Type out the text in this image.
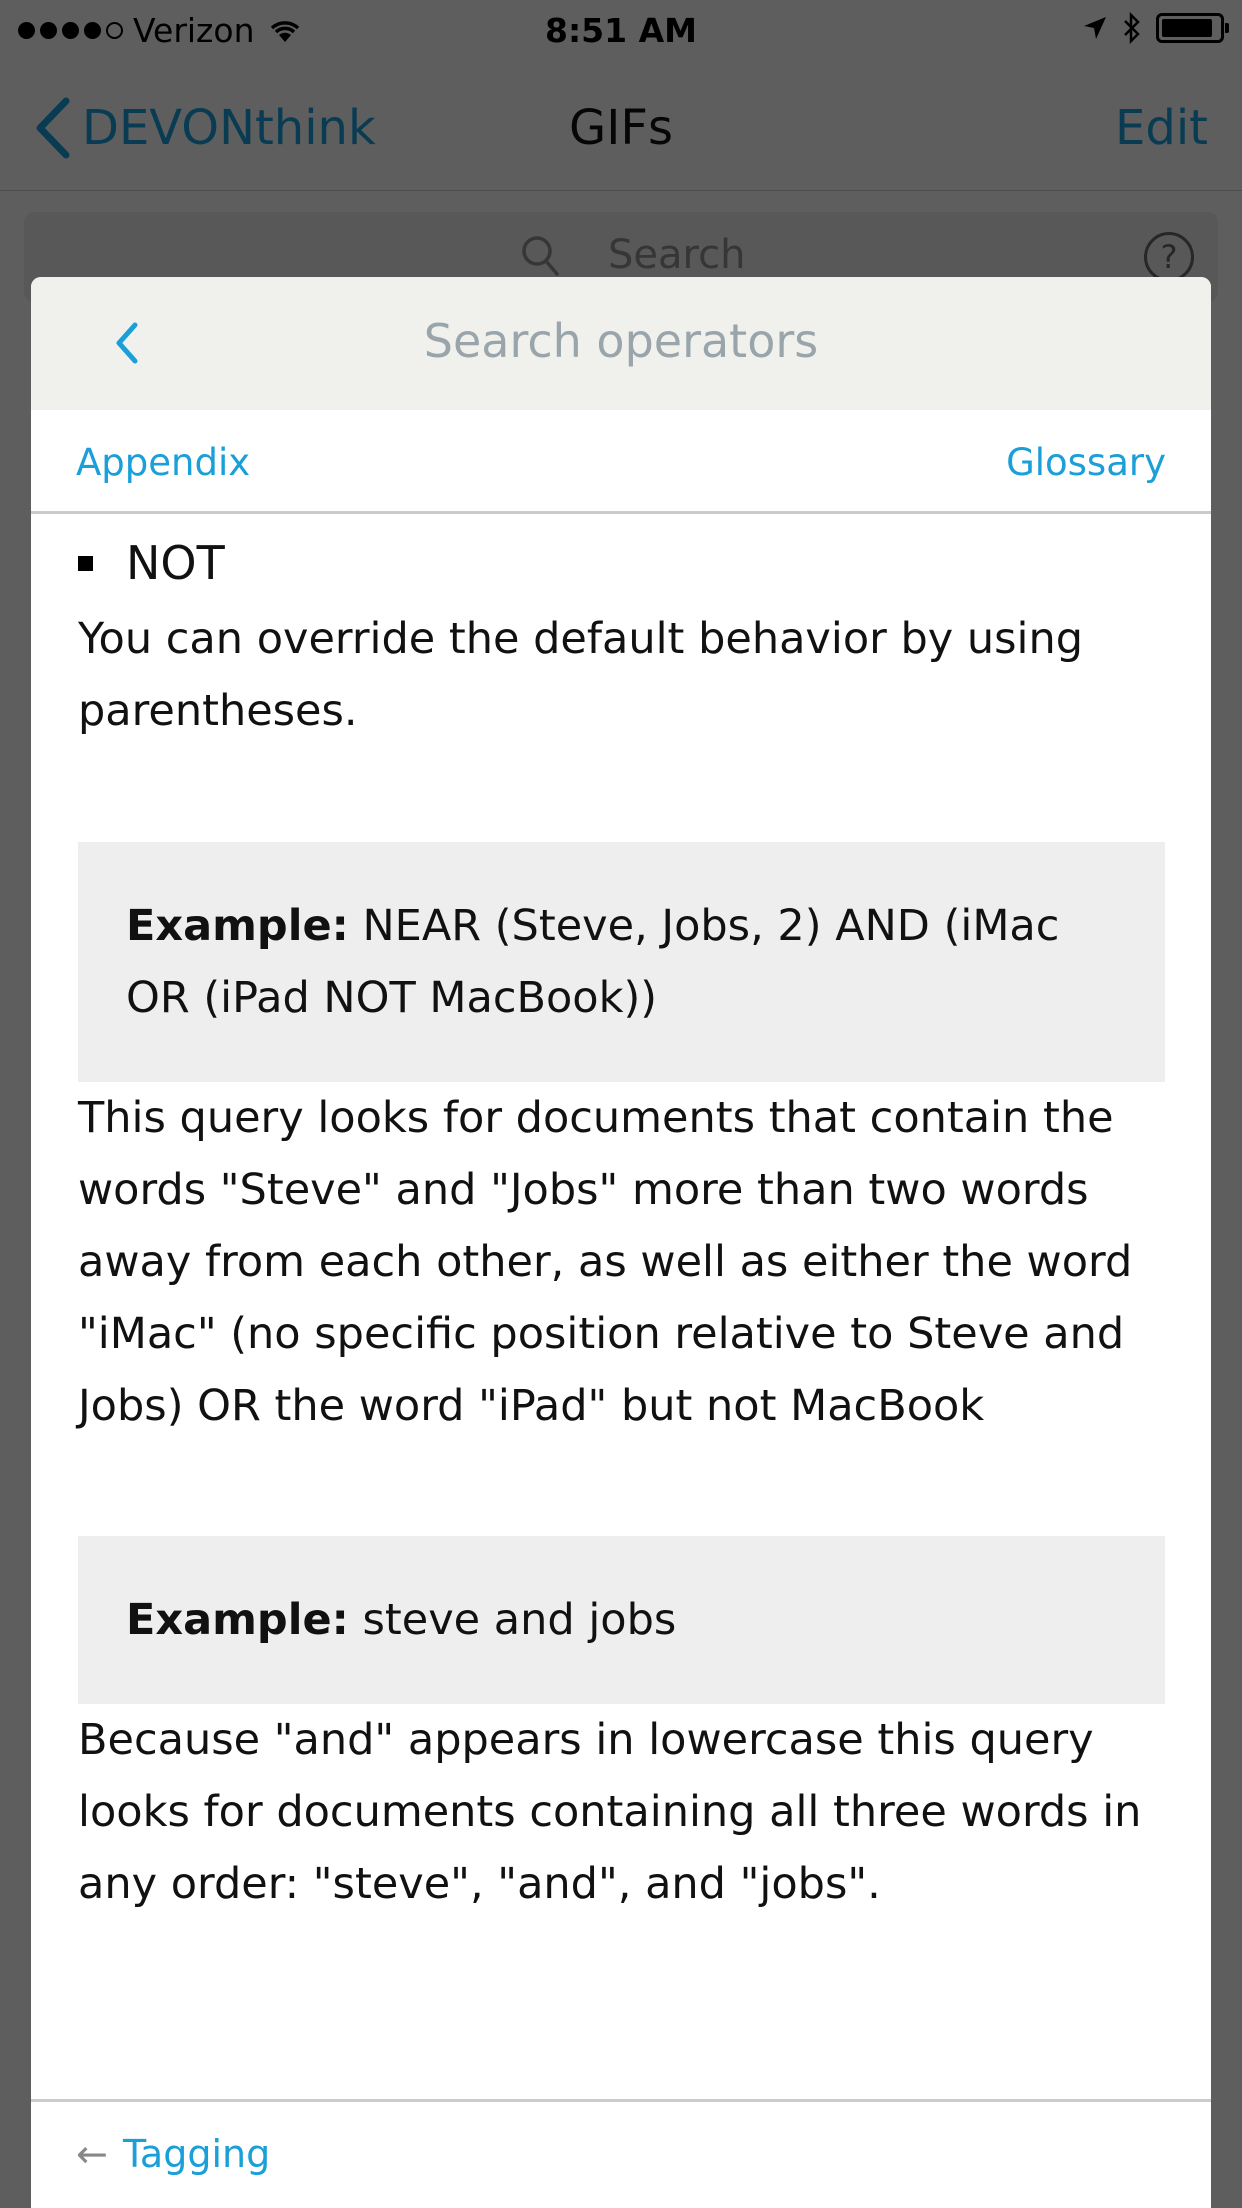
Search operators
Appendix	Glossary
NOT
You can override the default behavior by using parentheses.
Example: NEAR (Steve, Jobs, 2) AND (iMac OR (iPad NOT MacBook))
This query looks for documents that contain the words "Steve" and "Jobs" more than two words away from each other, as well as either the word "iMac" (no specific position relative to Steve and Jobs) OR the word "iPad" but not MacBook
Example: steve and jobs
Because "and" appears in lowercase this query looks for documents containing all three words in any order: "steve", "and", and "jobs".
← Tagging
